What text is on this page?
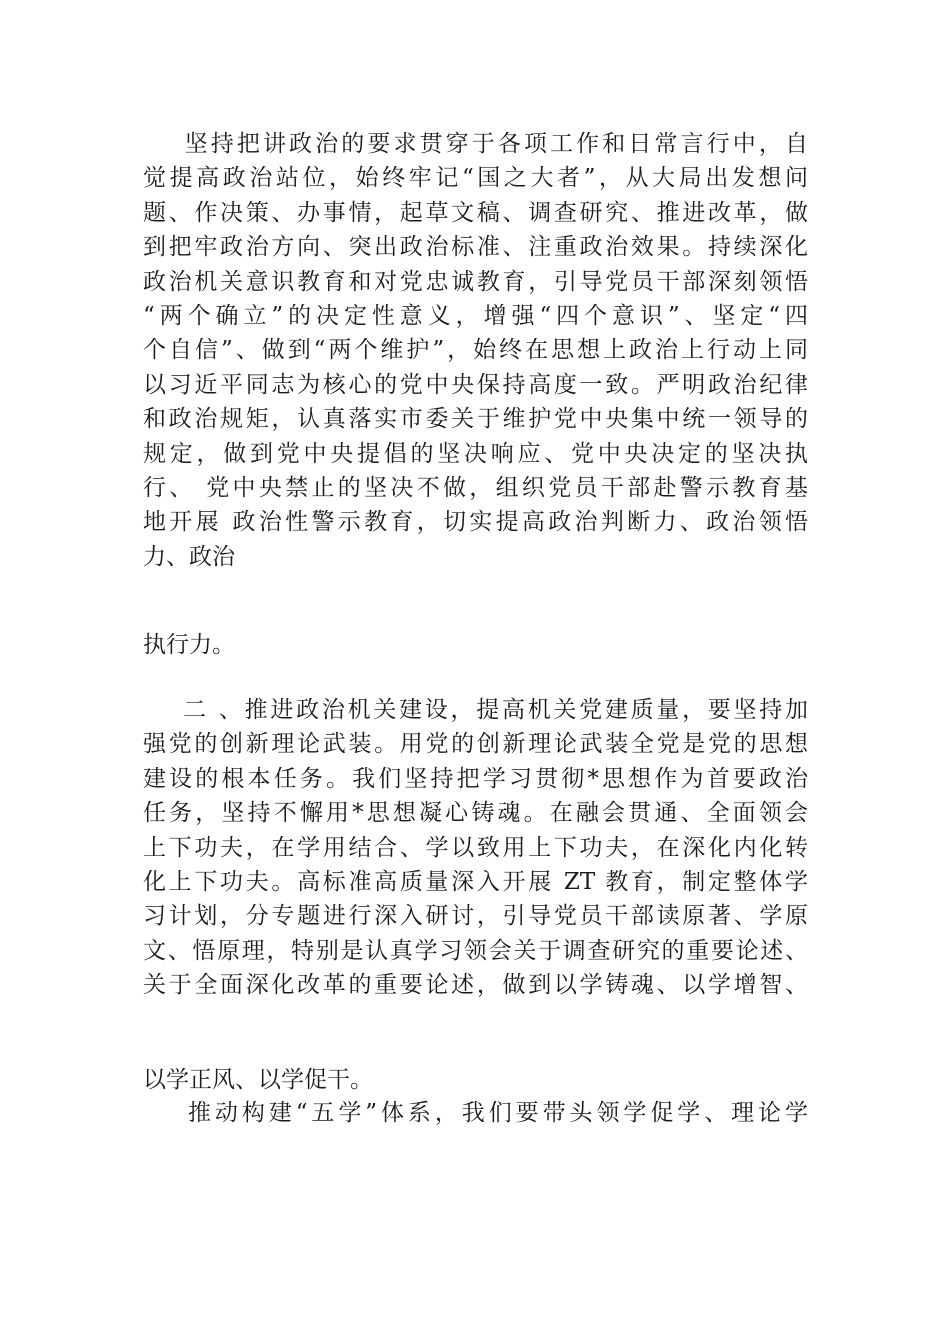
坚持把讲政治的要求贯穿于各项工作和日常言行中，自
觉提高政治站位，始终牢记“国之大者”，从大局出发想问
题、作决策、办事情，起草文稿、调查研究、推进改革，做
到把牢政治方向、突出政治标准、注重政治效果。持续深化
政治机关意识教育和对党忠诚教育，引导党员干部深刻领悟
“两个确立”的决定性意义，增强“四个意识”、坚定“四
个自信”、做到“两个维护”，始终在思想上政治上行动上同
以习近平同志为核心的党中央保持高度一致。严明政治纪律
和政治规矩，认真落实市委关于维护党中央集中统一领导的
规定，做到党中央提倡的坚决响应、党中央决定的坚决执
行、 党中央禁止的坚决不做，组织党员干部赴警示教育基
地开展 政治性警示教育，切实提高政治判断力、政治领悟
力、政治
执行力。
二 、推进政治机关建设，提高机关党建质量，要坚持加
强党的创新理论武装。用党的创新理论武装全党是党的思想
建设的根本任务。我们坚持把学习贯彻*思想作为首要政治
任务，坚持不懈用*思想凝心铸魂。在融会贯通、全面领会
上下功夫，在学用结合、学以致用上下功夫，在深化内化转
化上下功夫。高标准高质量深入开展 ZT 教育，制定整体学
习计划，分专题进行深入研讨，引导党员干部读原著、学原
文、悟原理，特别是认真学习领会关于调查研究的重要论述、
关于全面深化改革的重要论述，做到以学铸魂、以学增智、
以学正风、以学促干。
推动构建“五学”体系，我们要带头领学促学、理论学
